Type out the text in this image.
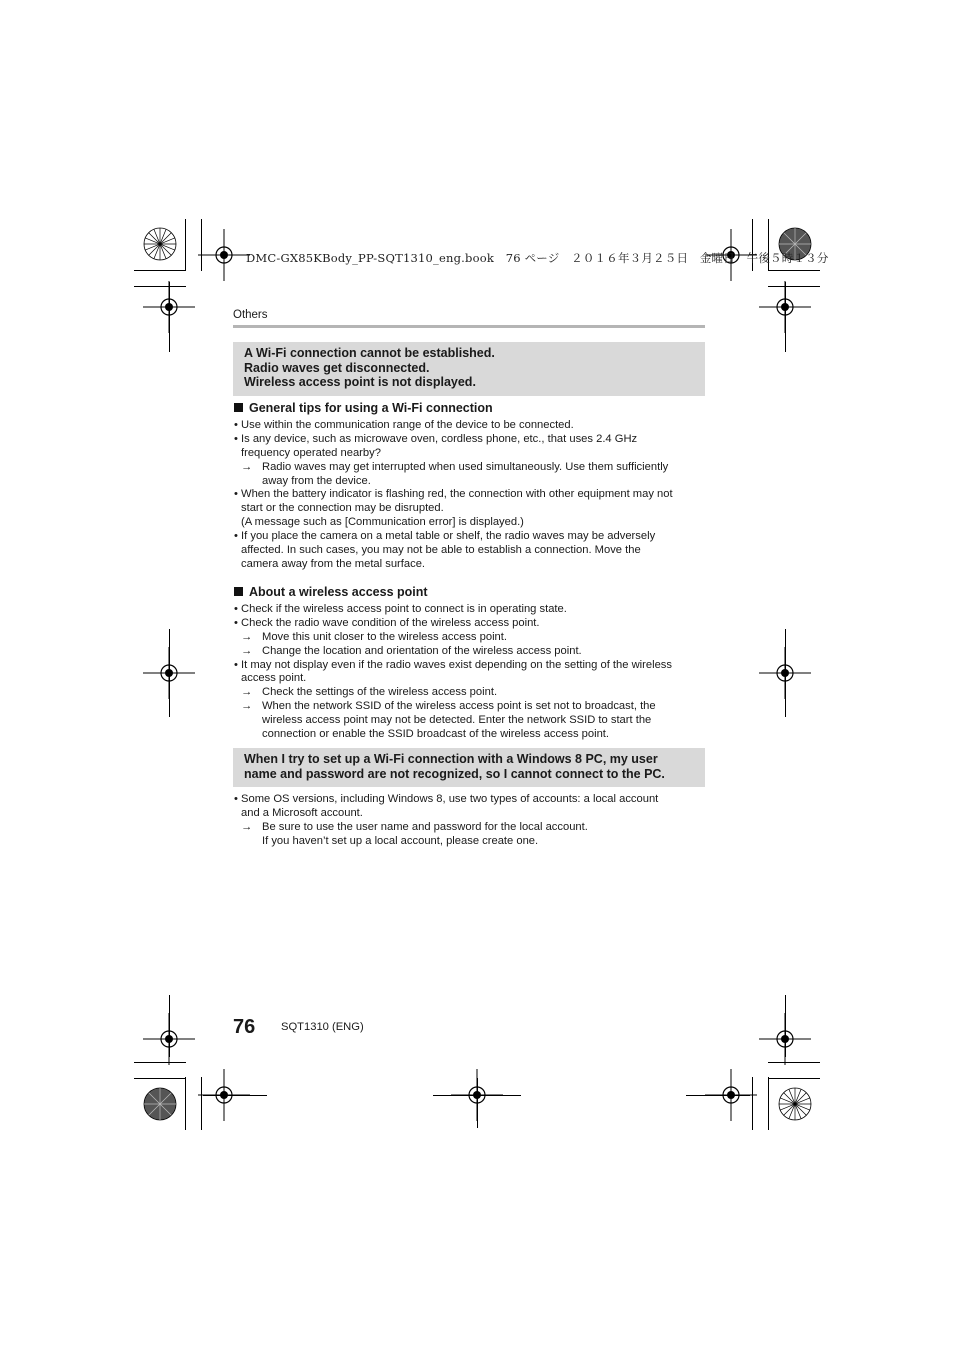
DMC-GX85KBody_PP-SQT1310_eng.book　76 ページ　２０１６年３月２５日　金曜日　午後５時１３分
Others
A Wi-Fi connection cannot be established.
Radio waves get disconnected.
Wireless access point is not displayed.
General tips for using a Wi-Fi connection
• Use within the communication range of the device to be connected.
• Is any device, such as microwave oven, cordless phone, etc., that uses 2.4 GHz
frequency operated nearby?
→ Radio waves may get interrupted when used simultaneously. Use them sufficiently
away from the device.
• When the battery indicator is flashing red, the connection with other equipment may not
start or the connection may be disrupted.
(A message such as [Communication error] is displayed.)
• If you place the camera on a metal table or shelf, the radio waves may be adversely
affected. In such cases, you may not be able to establish a connection. Move the
camera away from the metal surface.
About a wireless access point
• Check if the wireless access point to connect is in operating state.
• Check the radio wave condition of the wireless access point.
→ Move this unit closer to the wireless access point.
→ Change the location and orientation of the wireless access point.
• It may not display even if the radio waves exist depending on the setting of the wireless
access point.
→ Check the settings of the wireless access point.
→ When the network SSID of the wireless access point is set not to broadcast, the
wireless access point may not be detected. Enter the network SSID to start the
connection or enable the SSID broadcast of the wireless access point.
When I try to set up a Wi-Fi connection with a Windows 8 PC, my user
name and password are not recognized, so I cannot connect to the PC.
• Some OS versions, including Windows 8, use two types of accounts: a local account
and a Microsoft account.
→ Be sure to use the user name and password for the local account.
If you haven’t set up a local account, please create one.
76 SQT1310 (ENG)
